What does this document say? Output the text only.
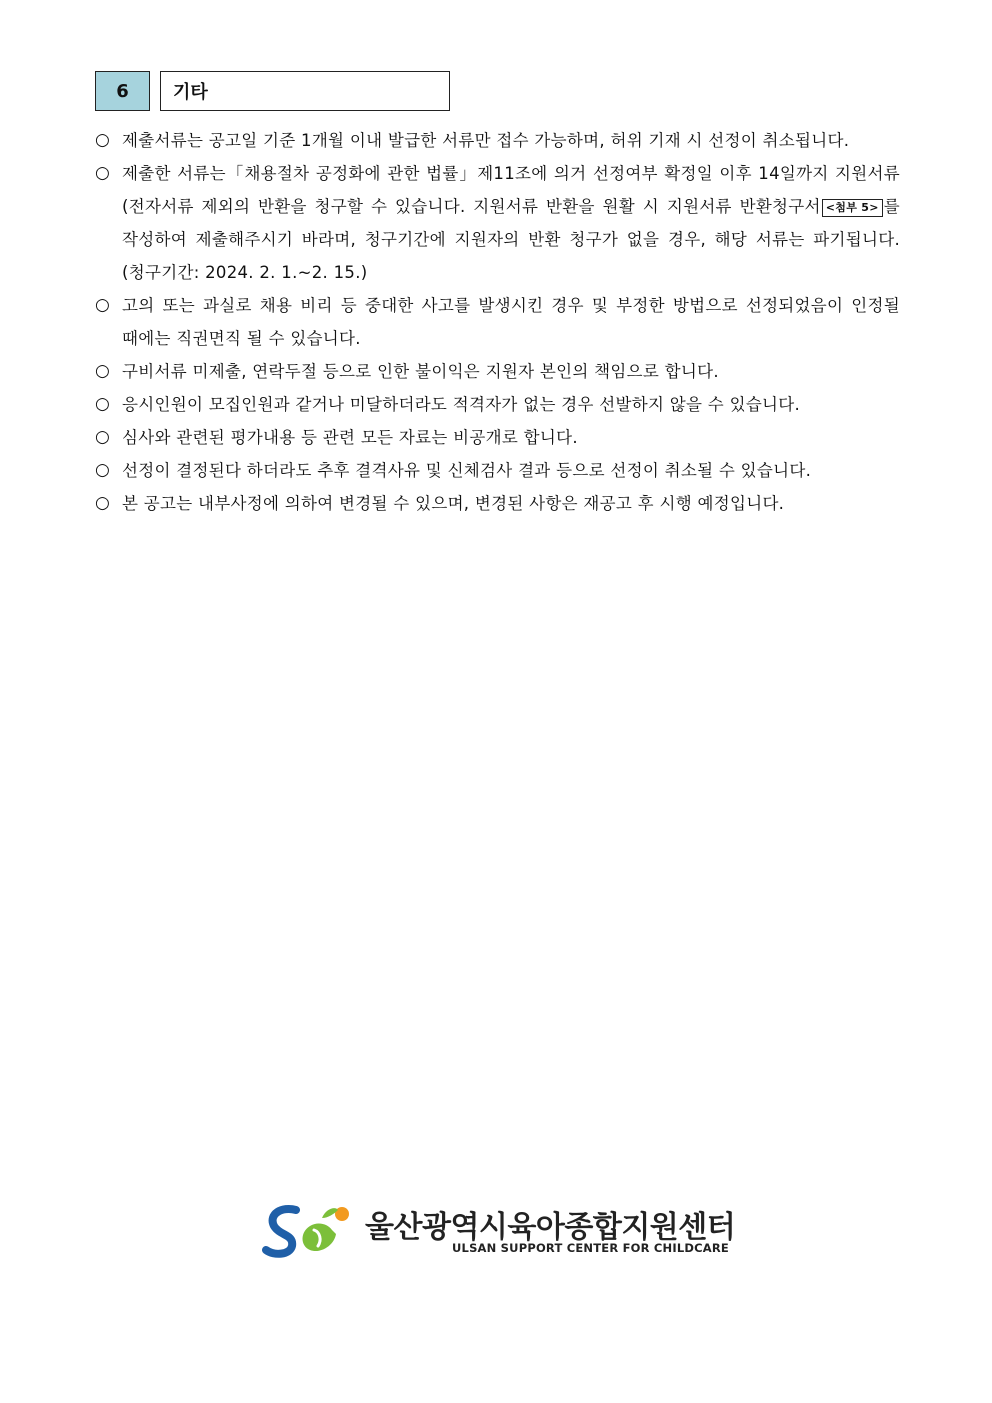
6	기타
○ 제출서류는 공고일 기준 1개월 이내 발급한 서류만 접수 가능하며, 허위 기재 시 선정이 취소됩니다.
○ 제출한 서류는「채용절차 공정화에 관한 법률」제11조에 의거 선정여부 확정일 이후 14일까지 지원서류(전자서류 제외의 반환을 청구할 수 있습니다. 지원서류 반환을 원활 시 지원서류 반환청구서 <첨부 5> 를 작성하여 제출해주시기 바라며, 청구기간에 지원자의 반환 청구가 없을 경우, 해당 서류는 파기됩니다. (청구기간: 2024. 2. 1.~2. 15.)
○ 고의 또는 과실로 채용 비리 등 중대한 사고를 발생시킨 경우 및 부정한 방법으로 선정되었음이 인정될 때에는 직권면직 될 수 있습니다.
○ 구비서류 미제출, 연락두절 등으로 인한 불이익은 지원자 본인의 책임으로 합니다.
○ 응시인원이 모집인원과 같거나 미달하더라도 적격자가 없는 경우 선발하지 않을 수 있습니다.
○ 심사와 관련된 평가내용 등 관련 모든 자료는 비공개로 합니다.
○ 선정이 결정된다 하더라도 추후 결격사유 및 신체검사 결과 등으로 선정이 취소될 수 있습니다.
○ 본 공고는 내부사정에 의하여 변경될 수 있으며, 변경된 사항은 재공고 후 시행 예정입니다.
울산광역시육아종합지원센터
ULSAN SUPPORT CENTER FOR CHILDCARE
